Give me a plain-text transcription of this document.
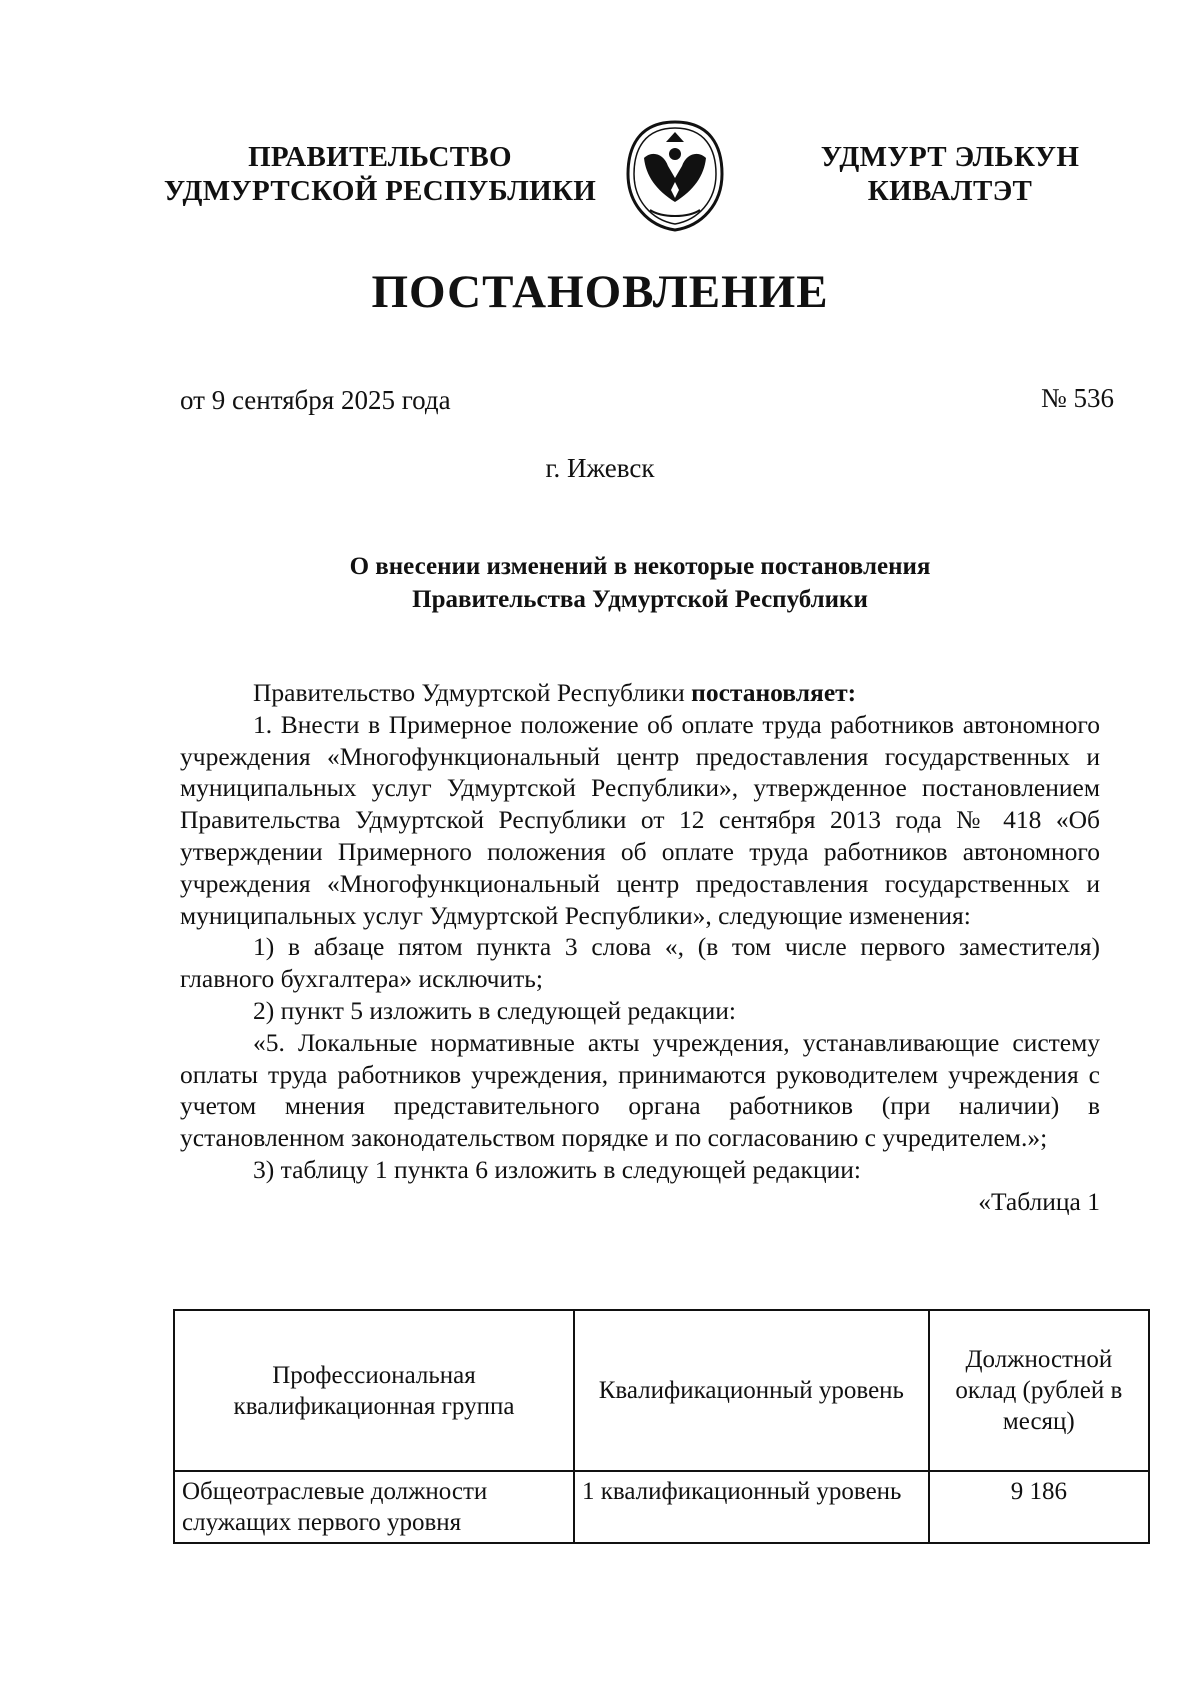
ПРАВИТЕЛЬСТВО
УДМУРТСКОЙ РЕСПУБЛИКИ
УДМУРТ ЭЛЬКУН
КИВАЛТЭТ
ПОСТАНОВЛЕНИЕ
от 9 сентября 2025 года	№ 536
г. Ижевск
О внесении изменений в некоторые постановления
Правительства Удмуртской Республики

Правительство Удмуртской Республики постановляет:

1. Внести в Примерное положение об оплате труда работников автономного учреждения «Многофункциональный центр предоставления государственных и муниципальных услуг Удмуртской Республики», утвержденное постановлением Правительства Удмуртской Республики от 12 сентября 2013 года № 418 «Об утверждении Примерного положения об оплате труда работников автономного учреждения «Многофункциональный центр предоставления государственных и муниципальных услуг Удмуртской Республики», следующие изменения:

1) в абзаце пятом пункта 3 слова «, (в том числе первого заместителя) главного бухгалтера» исключить;

2) пункт 5 изложить в следующей редакции:

«5. Локальные нормативные акты учреждения, устанавливающие систему оплаты труда работников учреждения, принимаются руководителем учреждения с учетом мнения представительного органа работников (при наличии) в установленном законодательством порядке и по согласованию с учредителем.»;

3) таблицу 1 пункта 6 изложить в следующей редакции:

«Таблица 1

Профессиональная квалификационная группа	Квалификационный уровень	Должностной оклад (рублей в месяц)
Общеотраслевые должности служащих первого уровня	1 квалификационный уровень	9 186
